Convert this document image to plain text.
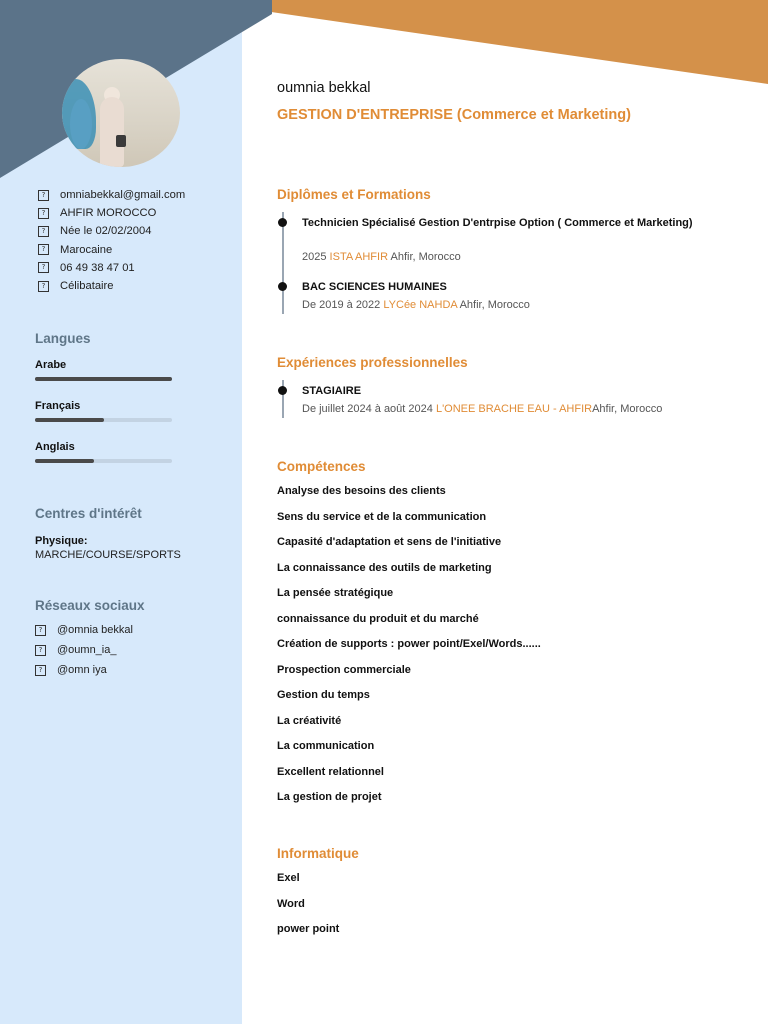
?	omniabekkal@gmail.com
?	AHFIR MOROCCO
?	Née le 02/02/2004
?	Marocaine
?	06 49 38 47 01
?	Célibataire
Langues
Arabe
Français
Anglais
Centres d'intérêt
Physique:
MARCHE/COURSE/SPORTS
Réseaux sociaux
?	@omnia bekkal
?	@oumn_ia_
?	@omn iya
oumnia bekkal
GESTION D'ENTREPRISE (Commerce et Marketing)
Diplômes et Formations
Technicien Spécialisé Gestion D'entrpise Option ( Commerce et Marketing)
2025 ISTA AHFIR Ahfir, Morocco
BAC SCIENCES HUMAINES
De 2019 à 2022 LYCée NAHDA Ahfir, Morocco
Expériences professionnelles
STAGIAIRE
De juillet 2024 à août 2024 L'ONEE BRACHE EAU - AHFIRAhfir, Morocco
Compétences
Analyse des besoins des clients
Sens du service et de la communication
Capasité d'adaptation et sens de l'initiative
La connaissance des outils de marketing
La pensée stratégique
connaissance du produit et du marché
Création de supports : power point/Exel/Words......
Prospection commerciale
Gestion du temps
La créativité
La communication
Excellent relationnel
La gestion de projet
Informatique
Exel
Word
power point
